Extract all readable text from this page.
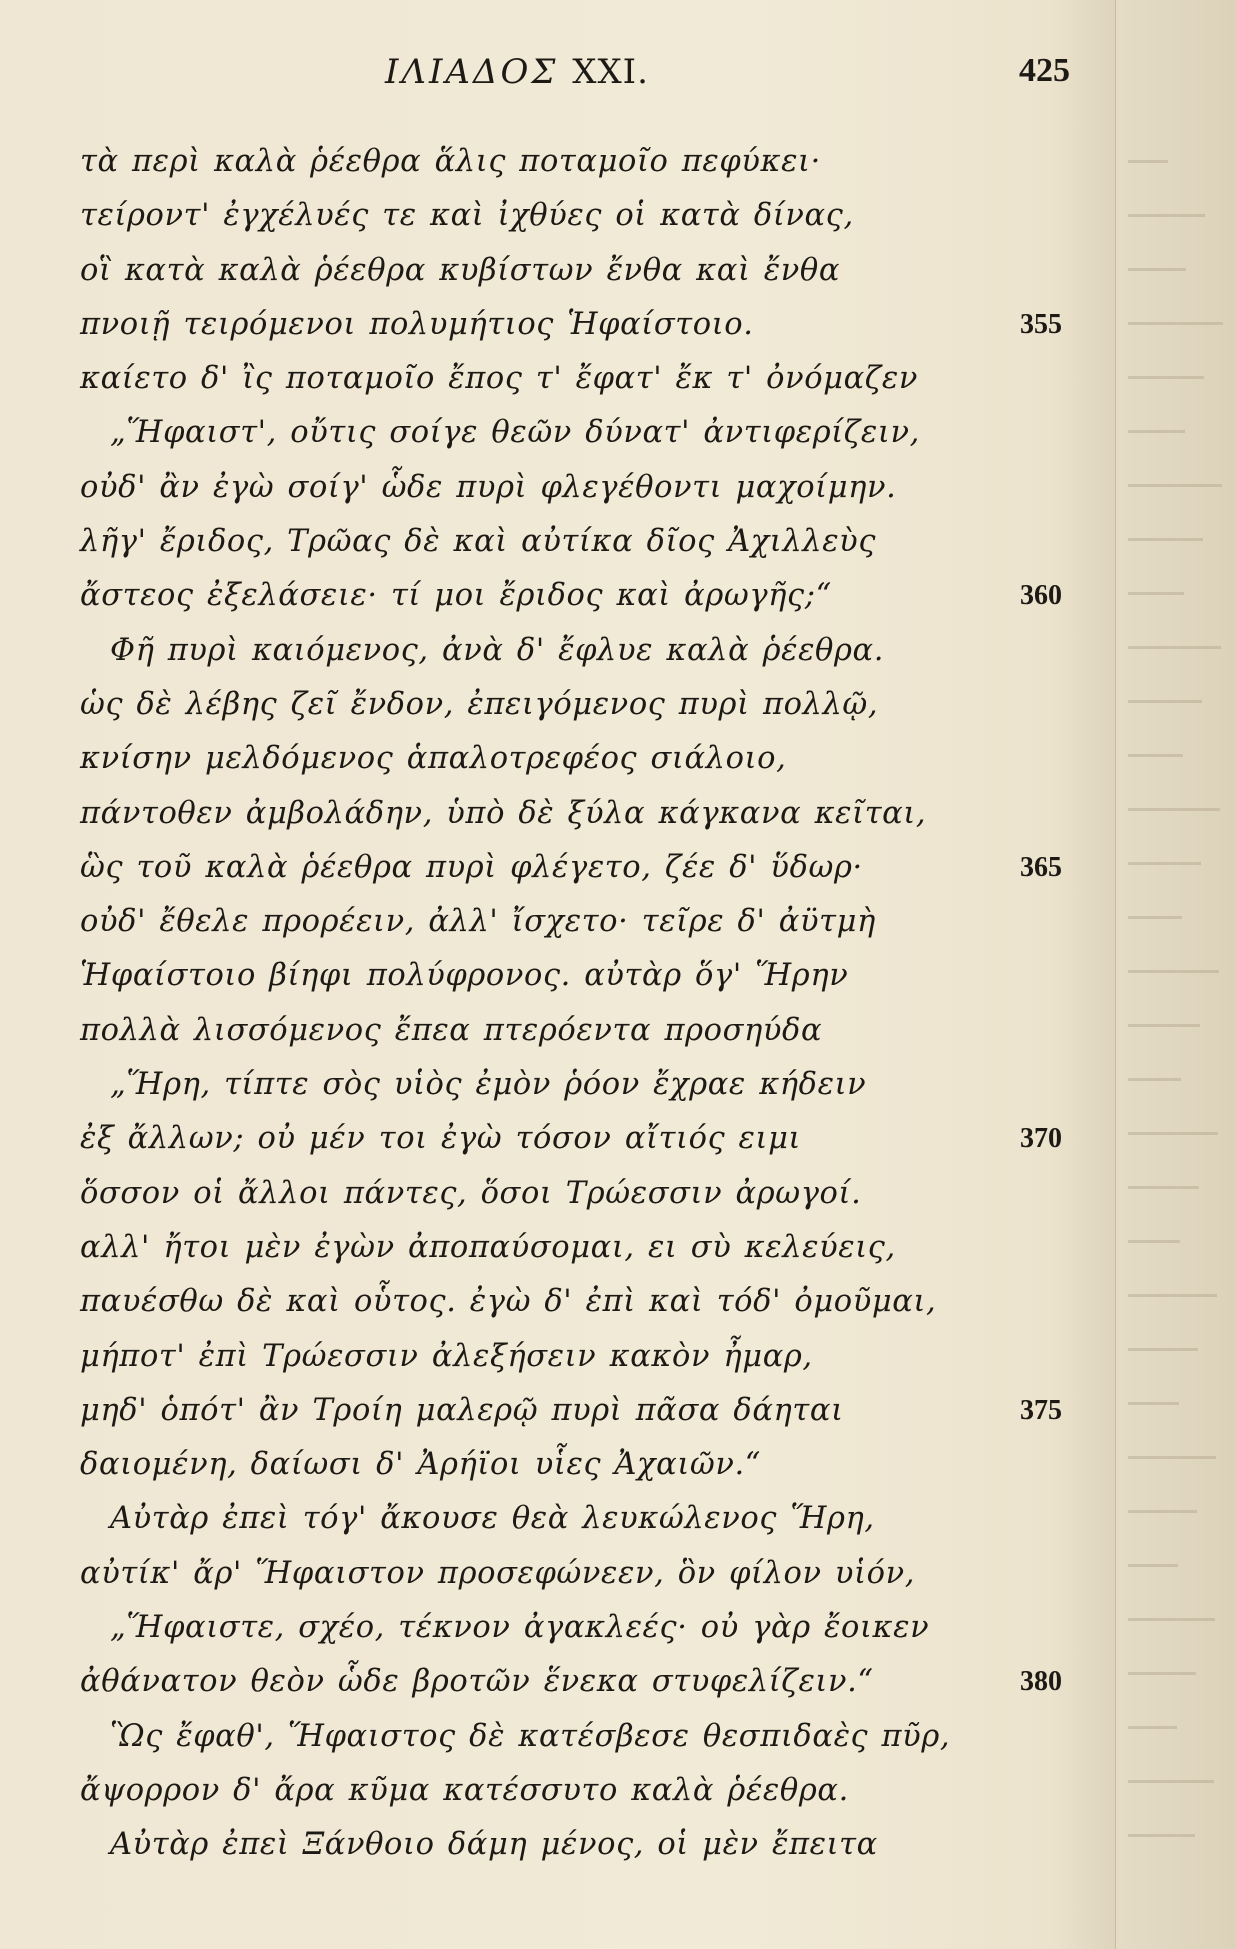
ΙΛΙΑΔΟΣ XXI.	425
τὰ περὶ καλὰ ῥέεθρα ἅλις ποταμοῖο πεφύκει·
τείροντ' ἐγχέλυές τε καὶ ἰχθύες οἱ κατὰ δίνας,
οἳ κατὰ καλὰ ῥέεθρα κυβίστων ἔνθα καὶ ἔνθα
πνοιῇ τειρόμενοι πολυμήτιος Ἡφαίστοιο.	355
καίετο δ' ἲς ποταμοῖο ἔπος τ' ἔφατ' ἔκ τ' ὀνόμαζεν
„Ἥφαιστ', οὔτις σοίγε θεῶν δύνατ' ἀντιφερίζειν,
οὐδ' ἂν ἐγὼ σοίγ' ὧδε πυρὶ φλεγέθοντι μαχοίμην.
λῆγ' ἔριδος, Τρῶας δὲ καὶ αὐτίκα δῖος Ἀχιλλεὺς
ἄστεος ἐξελάσειε· τί μοι ἔριδος καὶ ἀρωγῆς;“	360
Φῆ πυρὶ καιόμενος, ἀνὰ δ' ἔφλυε καλὰ ῥέεθρα.
ὡς δὲ λέβης ζεῖ ἔνδον, ἐπειγόμενος πυρὶ πολλῷ,
κνίσην μελδόμενος ἁπαλοτρεφέος σιάλοιο,
πάντοθεν ἀμβολάδην, ὑπὸ δὲ ξύλα κάγκανα κεῖται,
ὣς τοῦ καλὰ ῥέεθρα πυρὶ φλέγετο, ζέε δ' ὕδωρ·	365
οὐδ' ἔθελε προρέειν, ἀλλ' ἴσχετο· τεῖρε δ' ἀϋτμὴ
Ἡφαίστοιο βίηφι πολύφρονος. αὐτὰρ ὅγ' Ἥρην
πολλὰ λισσόμενος ἔπεα πτερόεντα προσηύδα
„Ἥρη, τίπτε σὸς υἱὸς ἐμὸν ῥόον ἔχραε κήδειν
ἐξ ἄλλων; οὐ μέν τοι ἐγὼ τόσον αἴτιός ειμι	370
ὅσσον οἱ ἄλλοι πάντες, ὅσοι Τρώεσσιν ἀρωγοί.
αλλ' ἤτοι μὲν ἐγὼν ἀποπαύσομαι, ει σὺ κελεύεις,
παυέσθω δὲ καὶ οὗτος. ἐγὼ δ' ἐπὶ καὶ τόδ' ὀμοῦμαι,
μήποτ' ἐπὶ Τρώεσσιν ἀλεξήσειν κακὸν ἦμαρ,
μηδ' ὁπότ' ἂν Τροίη μαλερῷ πυρὶ πᾶσα δάηται	375
δαιομένη, δαίωσι δ' Ἀρήϊοι υἷες Ἀχαιῶν.“
Αὐτὰρ ἐπεὶ τόγ' ἄκουσε θεὰ λευκώλενος Ἥρη,
αὐτίκ' ἄρ' Ἥφαιστον προσεφώνεεν, ὃν φίλον υἱόν,
„Ἥφαιστε, σχέο, τέκνον ἀγακλεές· οὐ γὰρ ἔοικεν
ἀθάνατον θεὸν ὧδε βροτῶν ἕνεκα στυφελίζειν.“	380
Ὣς ἔφαθ', Ἥφαιστος δὲ κατέσβεσε θεσπιδαὲς πῦρ,
ἄψορρον δ' ἄρα κῦμα κατέσσυτο καλὰ ῥέεθρα.
Αὐτὰρ ἐπεὶ Ξάνθοιο δάμη μένος, οἱ μὲν ἔπειτα
